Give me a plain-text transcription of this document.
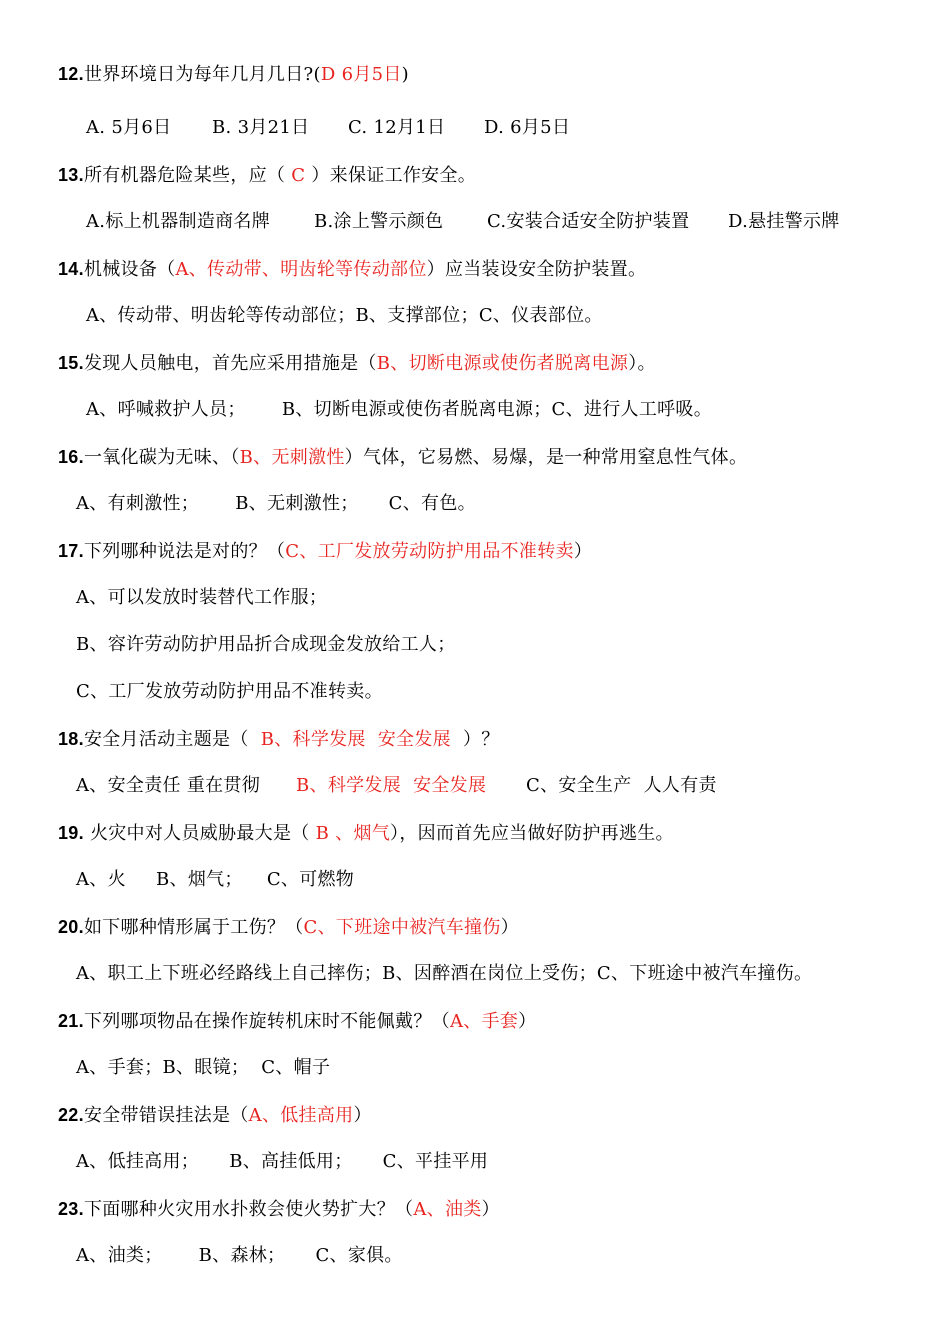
12.世界环境日为每年几月几日?(D 6月5日)
A. 5月6日 B. 3月21日 C. 12月1日 D. 6月5日
13.所有机器危险某些，应（ C ）来保证工作安全。
A.标上机器制造商名牌 B.涂上警示颜色 C.安装合适安全防护装置 D.悬挂警示牌
14.机械设备（A、传动带、明齿轮等传动部位）应当装设安全防护装置。
A、传动带、明齿轮等传动部位；B、支撑部位；C、仪表部位。
15.发现人员触电，首先应采用措施是（B、切断电源或使伤者脱离电源）。
A、呼喊救护人员；      B、切断电源或使伤者脱离电源；C、进行人工呼吸。
16.一氧化碳为无味、（B、无刺激性）气体，它易燃、易爆，是一种常用窒息性气体。
A、有刺激性；      B、无刺激性；     C、有色。
17.下列哪种说法是对的？（C、工厂发放劳动防护用品不准转卖）
A、可以发放时装替代工作服；
B、容许劳动防护用品折合成现金发放给工人；
C、工厂发放劳动防护用品不准转卖。
18.安全月活动主题是（  B、科学发展  安全发展  ）？
A、安全责任 重在贯彻 B、科学发展  安全发展 C、安全生产  人人有责
19. 火灾中对人员威胁最大是（ B 、烟气），因而首先应当做好防护再逃生。
A、火     B、烟气；    C、可燃物
20.如下哪种情形属于工伤？（C、下班途中被汽车撞伤）
A、职工上下班必经路线上自己摔伤；B、因醉酒在岗位上受伤；C、下班途中被汽车撞伤。
21.下列哪项物品在操作旋转机床时不能佩戴？（A、手套）
A、手套；B、眼镜；  C、帽子
22.安全带错误挂法是（A、低挂高用）
A、低挂高用；     B、高挂低用；     C、平挂平用
23.下面哪种火灾用水扑救会使火势扩大？（A、油类）
A、油类；      B、森林；     C、家俱。
